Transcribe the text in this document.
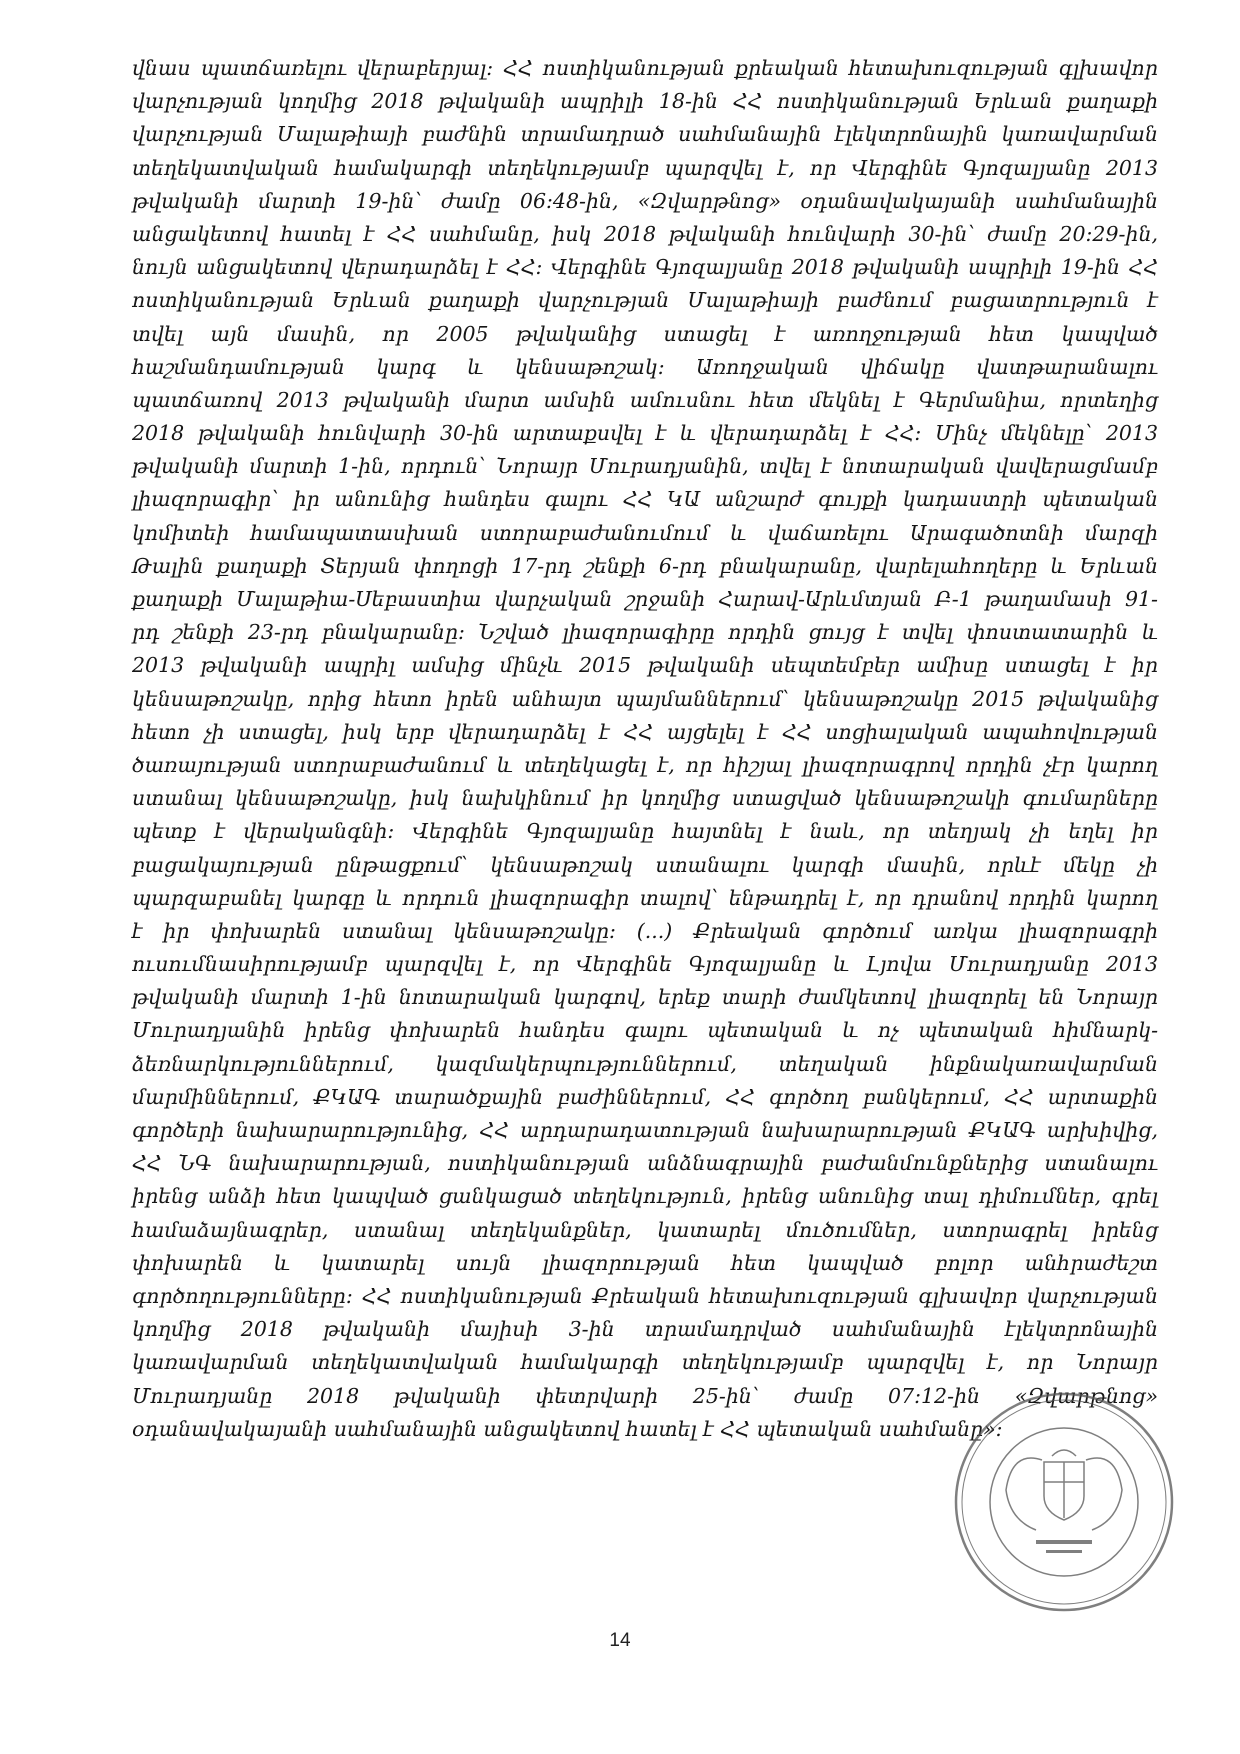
վնաս պատճառելու վերաբերյալ: ՀՀ ոստիկանության քրեական հետախուզության գլխավոր
վարչության կողմից 2018 թվականի ապրիլի 18-ին ՀՀ ոստիկանության Երևան քաղաքի
վարչության Մալաթիայի բաժնին տրամադրած սահմանային էլեկտրոնային կառավարման
տեղեկատվական համակարգի տեղեկությամբ պարզվել է, որ Վերգինե Գյոզալյանը 2013
թվականի մարտի 19-ին՝ ժամը 06:48-ին, «Զվարթնոց» օդանավակայանի սահմանային
անցակետով հատել է ՀՀ սահմանը, իսկ 2018 թվականի հունվարի 30-ին՝ ժամը 20:29-ին,
նույն անցակետով վերադարձել է ՀՀ: Վերգինե Գյոզալյանը 2018 թվականի ապրիլի 19-ին ՀՀ
ոստիկանության Երևան քաղաքի վարչության Մալաթիայի բաժնում բացատրություն է
տվել այն մասին, որ 2005 թվականից ստացել է առողջության հետ կապված
հաշմանդամության կարգ և կենսաթոշակ: Առողջական վիճակը վատթարանալու
պատճառով 2013 թվականի մարտ ամսին ամուսնու հետ մեկնել է Գերմանիա, որտեղից
2018 թվականի հունվարի 30-ին արտաքսվել է և վերադարձել է ՀՀ: Մինչ մեկնելը՝ 2013
թվականի մարտի 1-ին, որդուն՝ Նորայր Մուրադյանին, տվել է նոտարական վավերացմամբ
լիազորագիր՝ իր անունից հանդես գալու ՀՀ ԿԱ անշարժ գույքի կադաստրի պետական
կոմիտեի համապատասխան ստորաբաժանումում և վաճառելու Արագածոտնի մարզի
Թալին քաղաքի Տերյան փողոցի 17-րդ շենքի 6-րդ բնակարանը, վարելահողերը և Երևան
քաղաքի Մալաթիա-Սեբաստիա վարչական շրջանի Հարավ-Արևմտյան Բ-1 թաղամասի 91-
րդ շենքի 23-րդ բնակարանը: Նշված լիազորագիրը որդին ցույց է տվել փոստատարին և
2013 թվականի ապրիլ ամսից մինչև 2015 թվականի սեպտեմբեր ամիսը ստացել է իր
կենսաթոշակը, որից հետո իրեն անհայտ պայմաններում՝ կենսաթոշակը 2015 թվականից
հետո չի ստացել, իսկ երբ վերադարձել է ՀՀ այցելել է ՀՀ սոցիալական ապահովության
ծառայության ստորաբաժանում և տեղեկացել է, որ հիշյալ լիազորագրով որդին չէր կարող
ստանալ կենսաթոշակը, իսկ նախկինում իր կողմից ստացված կենսաթոշակի գումարները
պետք է վերականգնի: Վերգինե Գյոզալյանը հայտնել է նաև, որ տեղյակ չի եղել իր
բացակայության ընթացքում՝ կենսաթոշակ ստանալու կարգի մասին, որևէ մեկը չի
պարզաբանել կարգը և որդուն լիազորագիր տալով՝ ենթադրել է, որ դրանով որդին կարող
է իր փոխարեն ստանալ կենսաթոշակը: (...) Քրեական գործում առկա լիազորագրի
ուսումնասիրությամբ պարզվել է, որ Վերգինե Գյոզալյանը և Լյովա Մուրադյանը 2013
թվականի մարտի 1-ին նոտարական կարգով, երեք տարի ժամկետով լիազորել են Նորայր
Մուրադյանին իրենց փոխարեն հանդես գալու պետական և ոչ պետական հիմնարկ-
ձեռնարկություններում, կազմակերպություններում, տեղական ինքնակառավարման
մարմիններում, ՔԿԱԳ տարածքային բաժիններում, ՀՀ գործող բանկերում, ՀՀ արտաքին
գործերի նախարարությունից, ՀՀ արդարադատության նախարարության ՔԿԱԳ արխիվից,
ՀՀ ՆԳ նախարարության, ոստիկանության անձնագրային բաժանմունքներից ստանալու
իրենց անձի հետ կապված ցանկացած տեղեկություն, իրենց անունից տալ դիմումներ, գրել
համաձայնագրեր, ստանալ տեղեկանքներ, կատարել մուծումներ, ստորագրել իրենց
փոխարեն և կատարել սույն լիազորության հետ կապված բոլոր անհրաժեշտ
գործողությունները: ՀՀ ոստիկանության Քրեական հետախուզության գլխավոր վարչության
կողմից 2018 թվականի մայիսի 3-ին տրամադրված սահմանային էլեկտրոնային
կառավարման տեղեկատվական համակարգի տեղեկությամբ պարզվել է, որ Նորայր
Մուրադյանը 2018 թվականի փետրվարի 25-ին՝ ժամը 07:12-ին «Զվարթնոց»
օդանավակայանի սահմանային անցակետով հատել է ՀՀ պետական սահմանը»:
14
